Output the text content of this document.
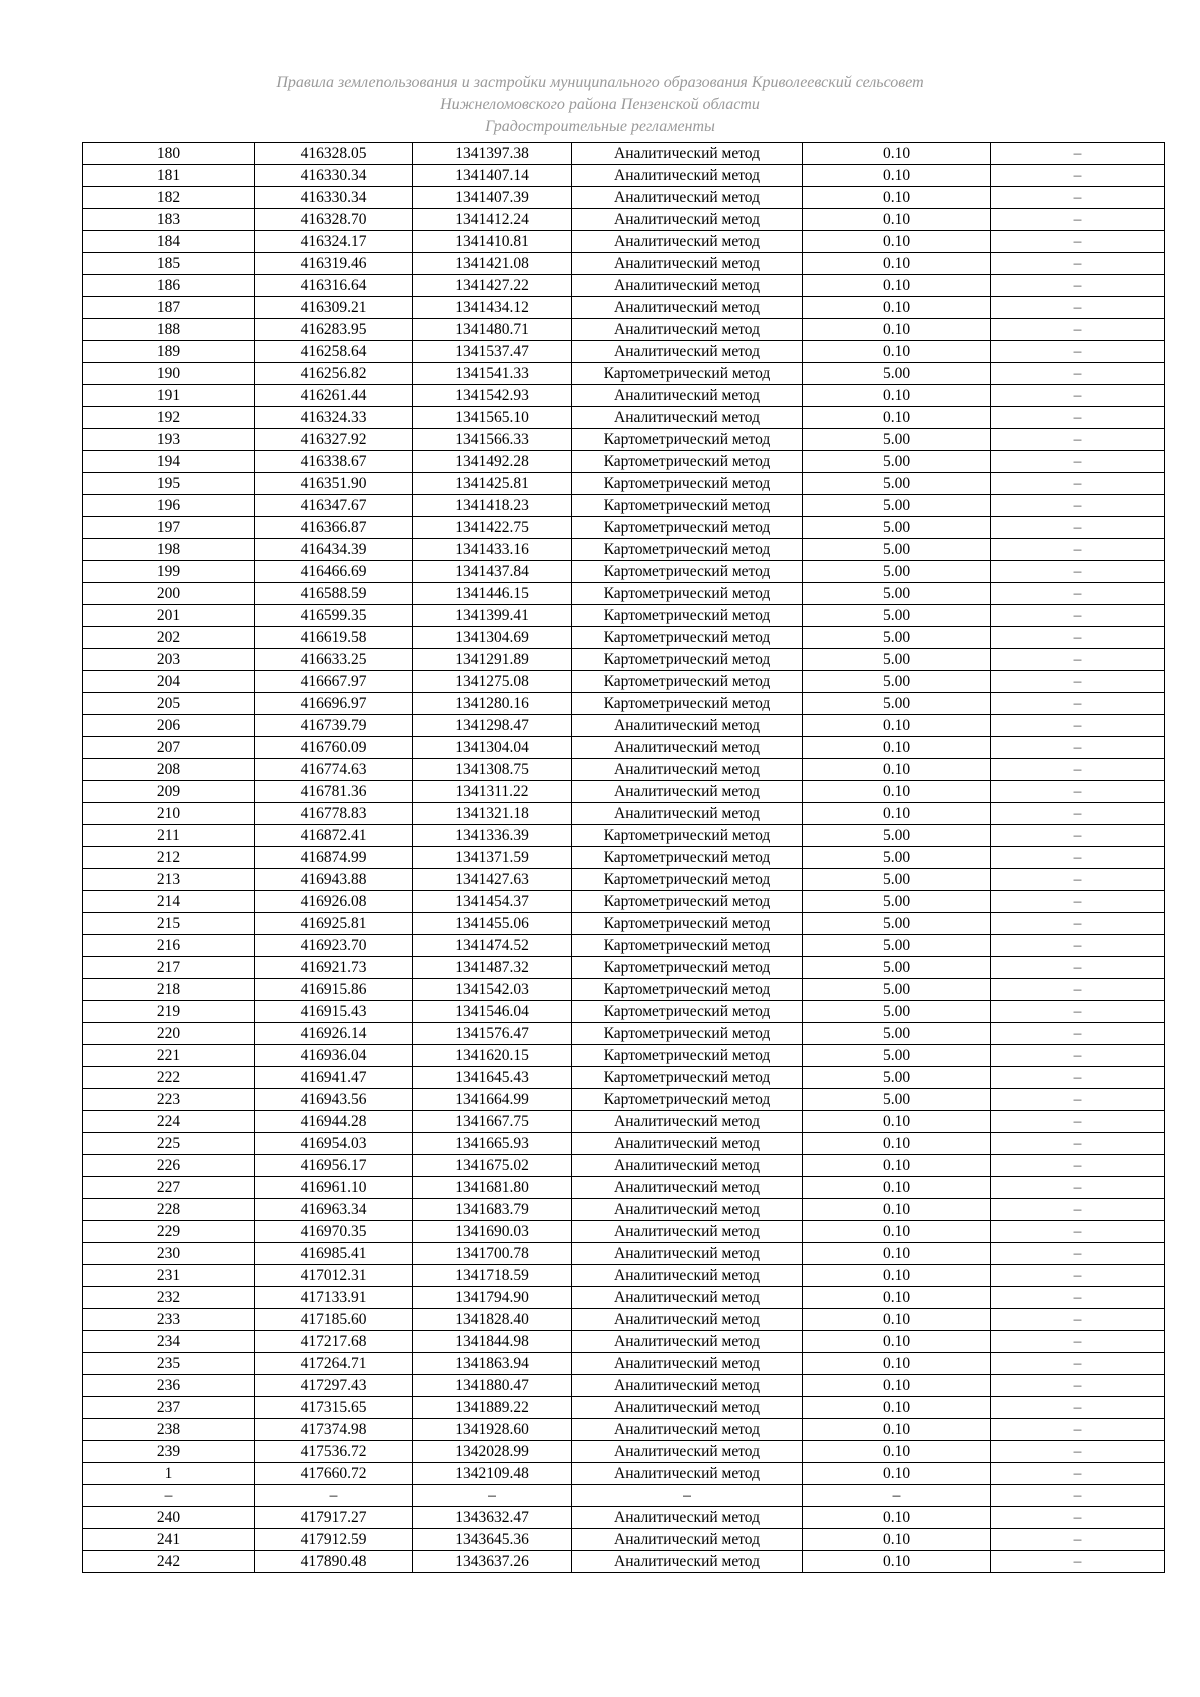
Правила землепользования и застройки муниципального образования Криволеевский сельсовет
Нижнеломовского района Пензенской области
Градостроительные регламенты
180	416328.05	1341397.38	Аналитический метод	0.10	–
181	416330.34	1341407.14	Аналитический метод	0.10	–
182	416330.34	1341407.39	Аналитический метод	0.10	–
183	416328.70	1341412.24	Аналитический метод	0.10	–
184	416324.17	1341410.81	Аналитический метод	0.10	–
185	416319.46	1341421.08	Аналитический метод	0.10	–
186	416316.64	1341427.22	Аналитический метод	0.10	–
187	416309.21	1341434.12	Аналитический метод	0.10	–
188	416283.95	1341480.71	Аналитический метод	0.10	–
189	416258.64	1341537.47	Аналитический метод	0.10	–
190	416256.82	1341541.33	Картометрический метод	5.00	–
191	416261.44	1341542.93	Аналитический метод	0.10	–
192	416324.33	1341565.10	Аналитический метод	0.10	–
193	416327.92	1341566.33	Картометрический метод	5.00	–
194	416338.67	1341492.28	Картометрический метод	5.00	–
195	416351.90	1341425.81	Картометрический метод	5.00	–
196	416347.67	1341418.23	Картометрический метод	5.00	–
197	416366.87	1341422.75	Картометрический метод	5.00	–
198	416434.39	1341433.16	Картометрический метод	5.00	–
199	416466.69	1341437.84	Картометрический метод	5.00	–
200	416588.59	1341446.15	Картометрический метод	5.00	–
201	416599.35	1341399.41	Картометрический метод	5.00	–
202	416619.58	1341304.69	Картометрический метод	5.00	–
203	416633.25	1341291.89	Картометрический метод	5.00	–
204	416667.97	1341275.08	Картометрический метод	5.00	–
205	416696.97	1341280.16	Картометрический метод	5.00	–
206	416739.79	1341298.47	Аналитический метод	0.10	–
207	416760.09	1341304.04	Аналитический метод	0.10	–
208	416774.63	1341308.75	Аналитический метод	0.10	–
209	416781.36	1341311.22	Аналитический метод	0.10	–
210	416778.83	1341321.18	Аналитический метод	0.10	–
211	416872.41	1341336.39	Картометрический метод	5.00	–
212	416874.99	1341371.59	Картометрический метод	5.00	–
213	416943.88	1341427.63	Картометрический метод	5.00	–
214	416926.08	1341454.37	Картометрический метод	5.00	–
215	416925.81	1341455.06	Картометрический метод	5.00	–
216	416923.70	1341474.52	Картометрический метод	5.00	–
217	416921.73	1341487.32	Картометрический метод	5.00	–
218	416915.86	1341542.03	Картометрический метод	5.00	–
219	416915.43	1341546.04	Картометрический метод	5.00	–
220	416926.14	1341576.47	Картометрический метод	5.00	–
221	416936.04	1341620.15	Картометрический метод	5.00	–
222	416941.47	1341645.43	Картометрический метод	5.00	–
223	416943.56	1341664.99	Картометрический метод	5.00	–
224	416944.28	1341667.75	Аналитический метод	0.10	–
225	416954.03	1341665.93	Аналитический метод	0.10	–
226	416956.17	1341675.02	Аналитический метод	0.10	–
227	416961.10	1341681.80	Аналитический метод	0.10	–
228	416963.34	1341683.79	Аналитический метод	0.10	–
229	416970.35	1341690.03	Аналитический метод	0.10	–
230	416985.41	1341700.78	Аналитический метод	0.10	–
231	417012.31	1341718.59	Аналитический метод	0.10	–
232	417133.91	1341794.90	Аналитический метод	0.10	–
233	417185.60	1341828.40	Аналитический метод	0.10	–
234	417217.68	1341844.98	Аналитический метод	0.10	–
235	417264.71	1341863.94	Аналитический метод	0.10	–
236	417297.43	1341880.47	Аналитический метод	0.10	–
237	417315.65	1341889.22	Аналитический метод	0.10	–
238	417374.98	1341928.60	Аналитический метод	0.10	–
239	417536.72	1342028.99	Аналитический метод	0.10	–
1	417660.72	1342109.48	Аналитический метод	0.10	–
–	–	–	–	–	–
240	417917.27	1343632.47	Аналитический метод	0.10	–
241	417912.59	1343645.36	Аналитический метод	0.10	–
242	417890.48	1343637.26	Аналитический метод	0.10	–
